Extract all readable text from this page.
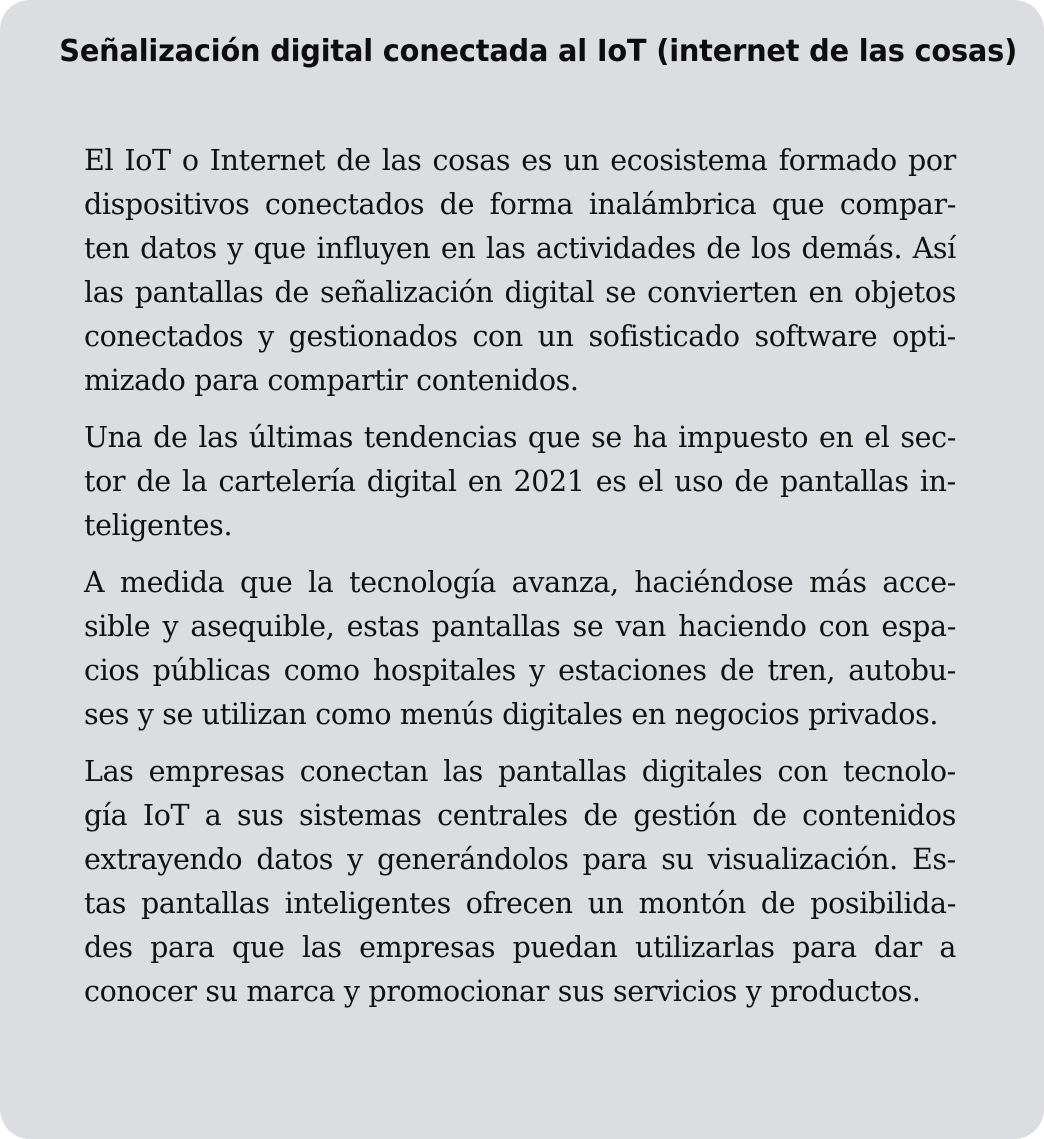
Señalización digital conectada al IoT (internet de las cosas)

El IoT o Internet de las cosas es un ecosistema formado por
dispositivos conectados de forma inalámbrica que compar-
ten datos y que influyen en las actividades de los demás. Así
las pantallas de señalización digital se convierten en objetos
conectados y gestionados con un sofisticado software opti-
mizado para compartir contenidos.

Una de las últimas tendencias que se ha impuesto en el sec-
tor de la cartelería digital en 2021 es el uso de pantallas in-
teligentes.

A medida que la tecnología avanza, haciéndose más acce-
sible y asequible, estas pantallas se van haciendo con espa-
cios públicas como hospitales y estaciones de tren, autobu-
ses y se utilizan como menús digitales en negocios privados.

Las empresas conectan las pantallas digitales con tecnolo-
gía IoT a sus sistemas centrales de gestión de contenidos
extrayendo datos y generándolos para su visualización. Es-
tas pantallas inteligentes ofrecen un montón de posibilida-
des para que las empresas puedan utilizarlas para dar a
conocer su marca y promocionar sus servicios y productos.
